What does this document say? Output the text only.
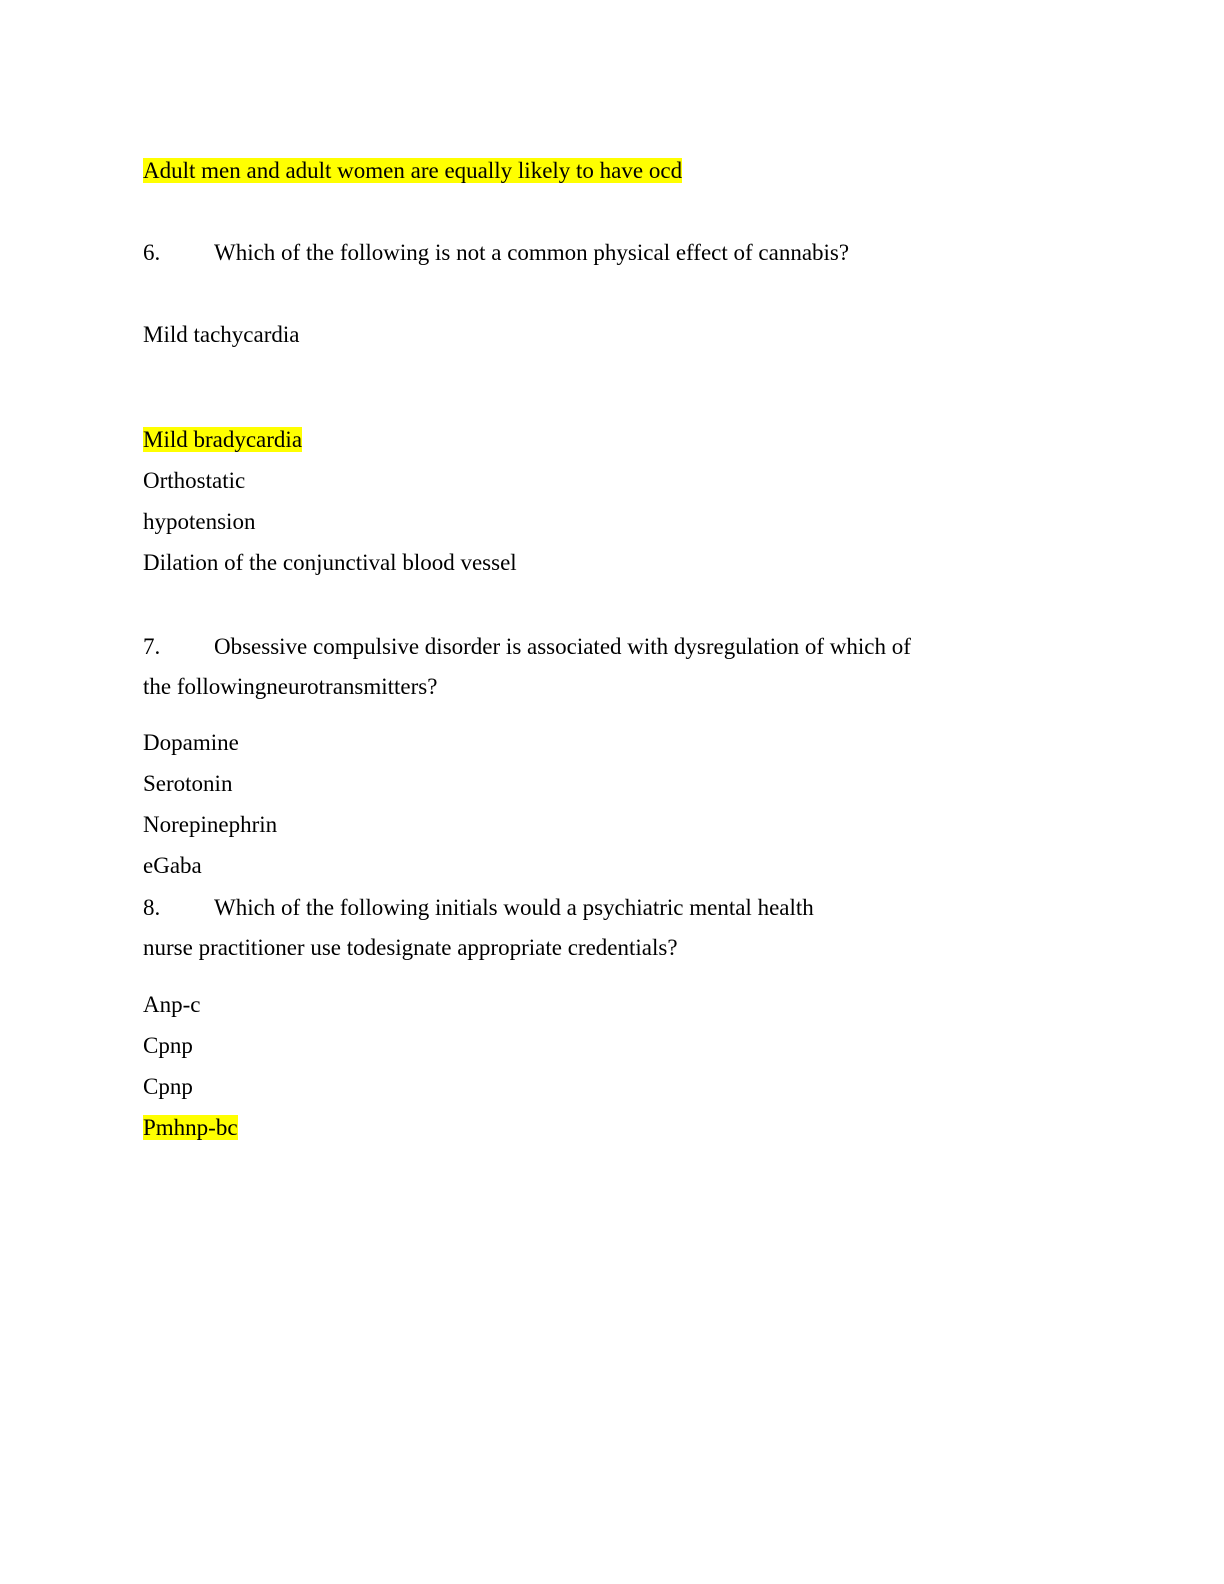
Adult men and adult women are equally likely to have ocd
6. Which of the following is not a common physical effect of cannabis?
Mild tachycardia
Mild bradycardia
Orthostatic
hypotension
Dilation of the conjunctival blood vessel
7. Obsessive compulsive disorder is associated with dysregulation of which of
the followingneurotransmitters?
Dopamine
Serotonin
Norepinephrin
eGaba
8. Which of the following initials would a psychiatric mental health
nurse practitioner use todesignate appropriate credentials?
Anp-c
Cpnp
Cpnp
Pmhnp-bc
